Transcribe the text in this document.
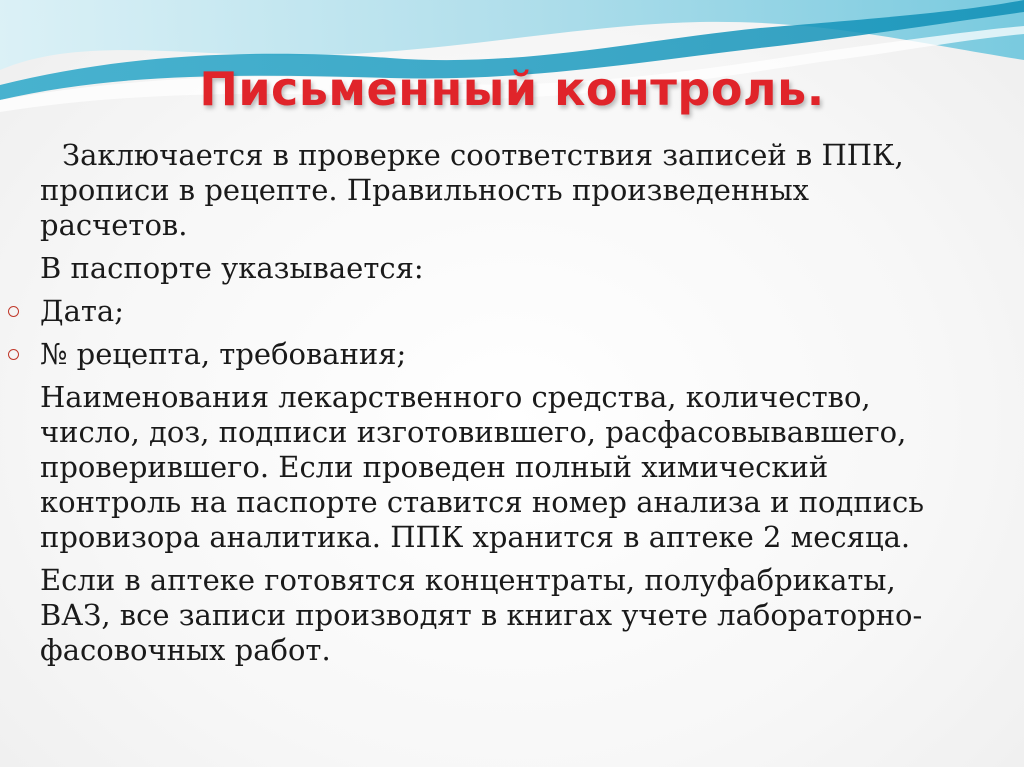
Письменный контроль.
Заключается в проверке соответствия записей в ППК,
прописи в рецепте. Правильность произведенных
расчетов.
В паспорте указывается:
Дата;
№ рецепта, требования;
Наименования лекарственного средства, количество,
число, доз, подписи изготовившего, расфасовывавшего,
проверившего. Если проведен полный химический
контроль на паспорте ставится номер анализа и подпись
провизора аналитика. ППК хранится в аптеке 2 месяца.
Если в аптеке готовятся концентраты, полуфабрикаты,
ВАЗ, все записи производят в книгах учете лабораторно-
фасовочных работ.
